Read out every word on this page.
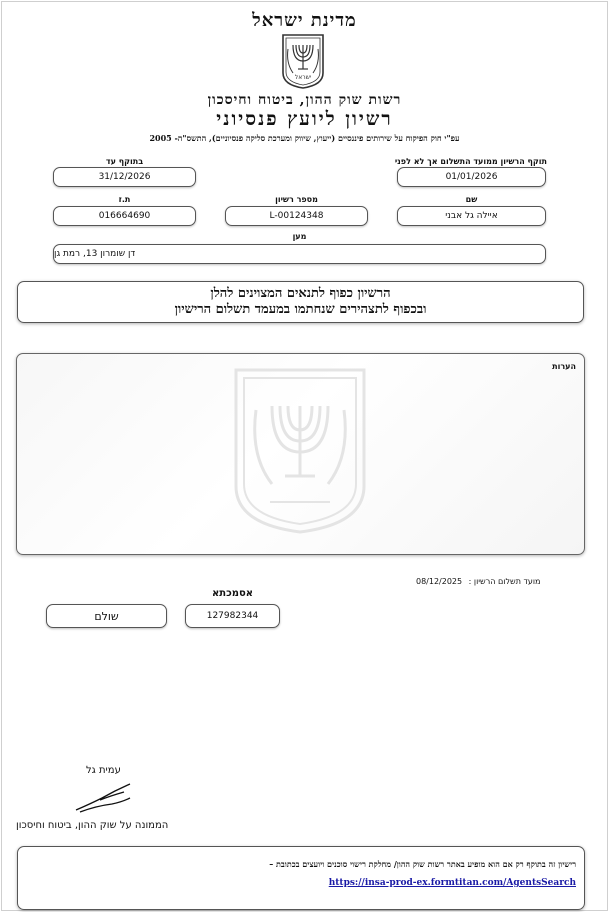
מדינת ישראל
ישראל
רשות שוק ההון, ביטוח וחיסכון
רשיון ליועץ פנסיוני
עפ"י חוק הפיקוח על שירותים פיננסיים (ייעוץ, שיווק ומערכת סליקה פנסיוניים), התשס"ה- 2005
תוקף הרשיון ממועד התשלום אך לא לפני
01/01/2026
בתוקף עד
31/12/2026
שם
איילה גל אבני
מספר רשיון
L-00124348
ת.ז
016664690
מען
דן שומרון 13, רמת גן
הרשיון כפוף לתנאים המצוינים להלן
ובכפוף לתצהירים שנחתמו במעמד תשלום הרישיון
הערות
מועד תשלום הרשיון : 08/12/2025
אסמכתא
127982344
שולם
עמית גל
הממונה על שוק ההון, ביטוח וחיסכון
רישיון זה בתוקף רק אם הוא מופיע באתר רשות שוק ההון/ מחלקת רישוי סוכנים ויועצים בכתובת –
https://insa-prod-ex.formtitan.com/AgentsSearch
